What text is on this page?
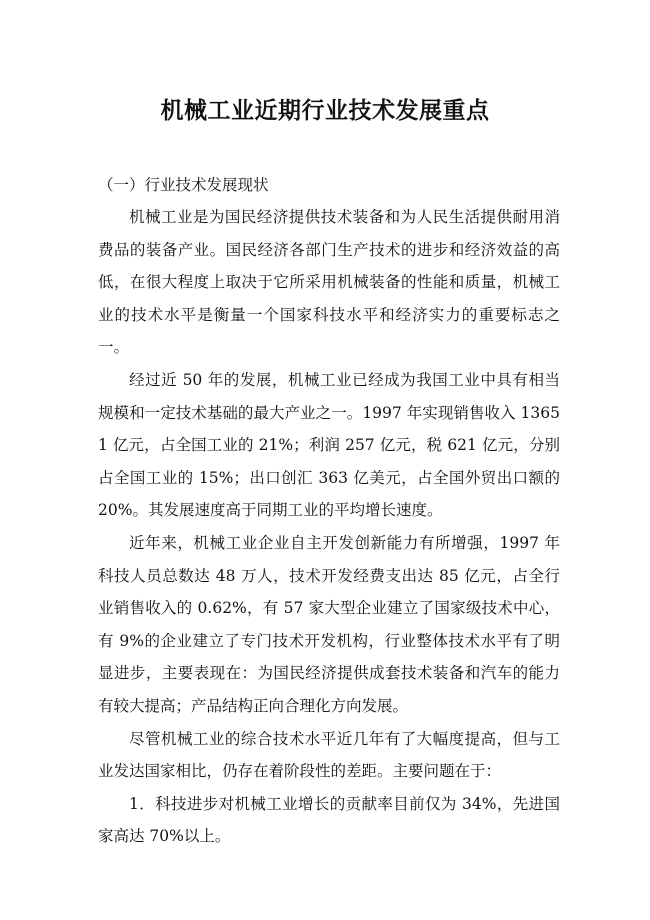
机械工业近期行业技术发展重点

（一）行业技术发展现状

机械工业是为国民经济提供技术装备和为人民生活提供耐用消费品的装备产业。国民经济各部门生产技术的进步和经济效益的高低，在很大程度上取决于它所采用机械装备的性能和质量，机械工业的技术水平是衡量一个国家科技水平和经济实力的重要标志之一。

经过近 50 年的发展，机械工业已经成为我国工业中具有相当规模和一定技术基础的最大产业之一。1997 年实现销售收入 13651 亿元，占全国工业的 21%；利润 257 亿元，税 621 亿元，分别占全国工业的 15%；出口创汇 363 亿美元，占全国外贸出口额的 20%。其发展速度高于同期工业的平均增长速度。

近年来，机械工业企业自主开发创新能力有所增强，1997 年科技人员总数达 48 万人，技术开发经费支出达 85 亿元，占全行业销售收入的 0.62%，有 57 家大型企业建立了国家级技术中心，有 9%的企业建立了专门技术开发机构，行业整体技术水平有了明显进步，主要表现在：为国民经济提供成套技术装备和汽车的能力有较大提高；产品结构正向合理化方向发展。

尽管机械工业的综合技术水平近几年有了大幅度提高，但与工业发达国家相比，仍存在着阶段性的差距。主要问题在于：

1．科技进步对机械工业增长的贡献率目前仅为 34%，先进国家高达 70%以上。
